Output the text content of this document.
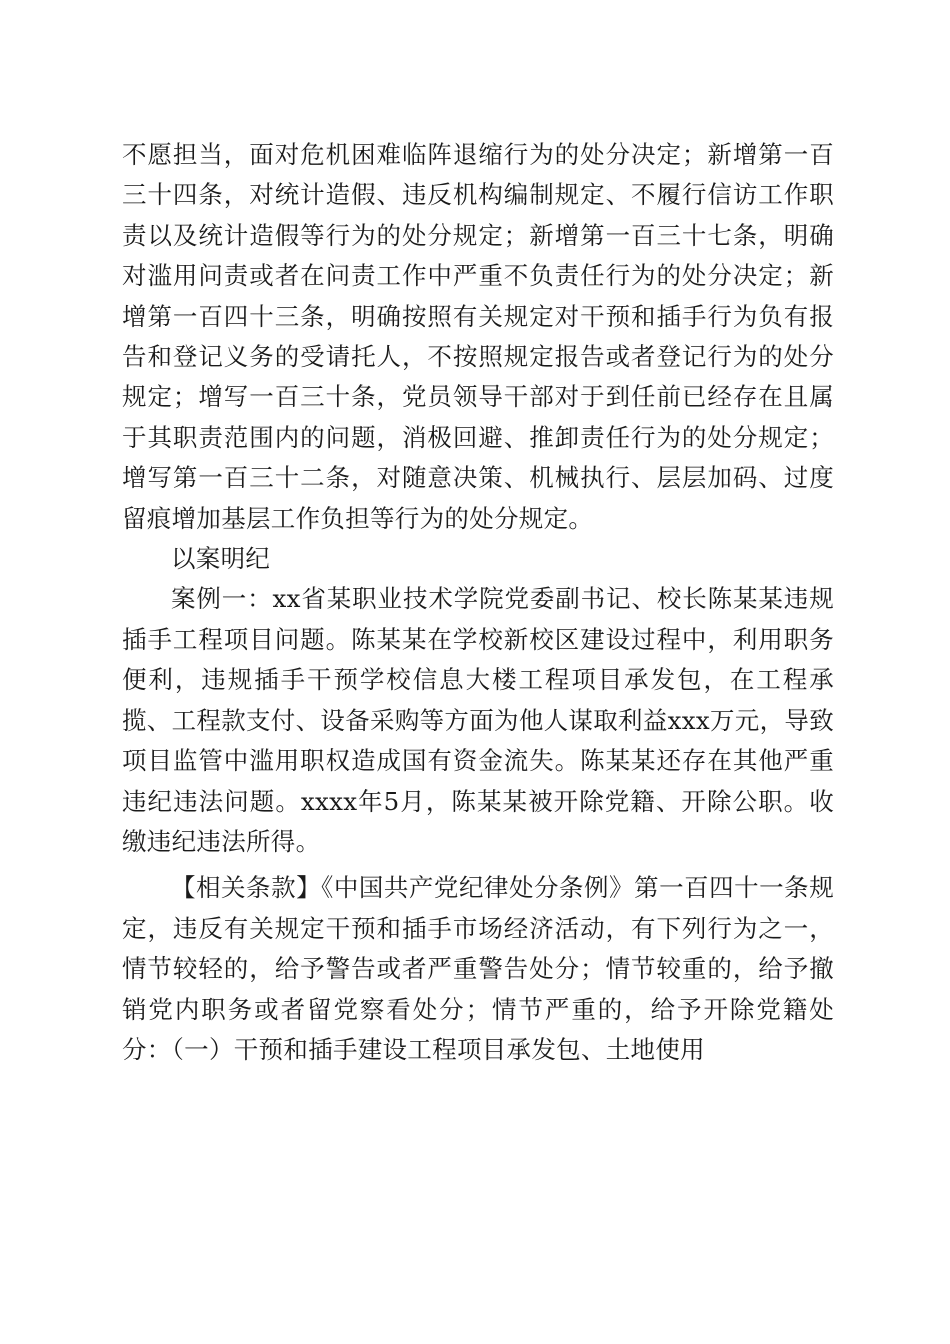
不愿担当，面对危机困难临阵退缩行为的处分决定；新增第一百三十四条，对统计造假、违反机构编制规定、不履行信访工作职责以及统计造假等行为的处分规定；新增第一百三十七条，明确对滥用问责或者在问责工作中严重不负责任行为的处分决定；新增第一百四十三条，明确按照有关规定对干预和插手行为负有报告和登记义务的受请托人，不按照规定报告或者登记行为的处分规定；增写一百三十条，党员领导干部对于到任前已经存在且属于其职责范围内的问题，消极回避、推卸责任行为的处分规定；增写第一百三十二条，对随意决策、机械执行、层层加码、过度留痕增加基层工作负担等行为的处分规定。

以案明纪

案例一：xx省某职业技术学院党委副书记、校长陈某某违规插手工程项目问题。陈某某在学校新校区建设过程中，利用职务便利，违规插手干预学校信息大楼工程项目承发包，在工程承揽、工程款支付、设备采购等方面为他人谋取利益xxx万元，导致项目监管中滥用职权造成国有资金流失。陈某某还存在其他严重违纪违法问题。xxxx年5月，陈某某被开除党籍、开除公职。收缴违纪违法所得。

【相关条款】《中国共产党纪律处分条例》第一百四十一条规定，违反有关规定干预和插手市场经济活动，有下列行为之一，情节较轻的，给予警告或者严重警告处分；情节较重的，给予撤销党内职务或者留党察看处分；情节严重的，给予开除党籍处分：（一）干预和插手建设工程项目承发包、土地使用
